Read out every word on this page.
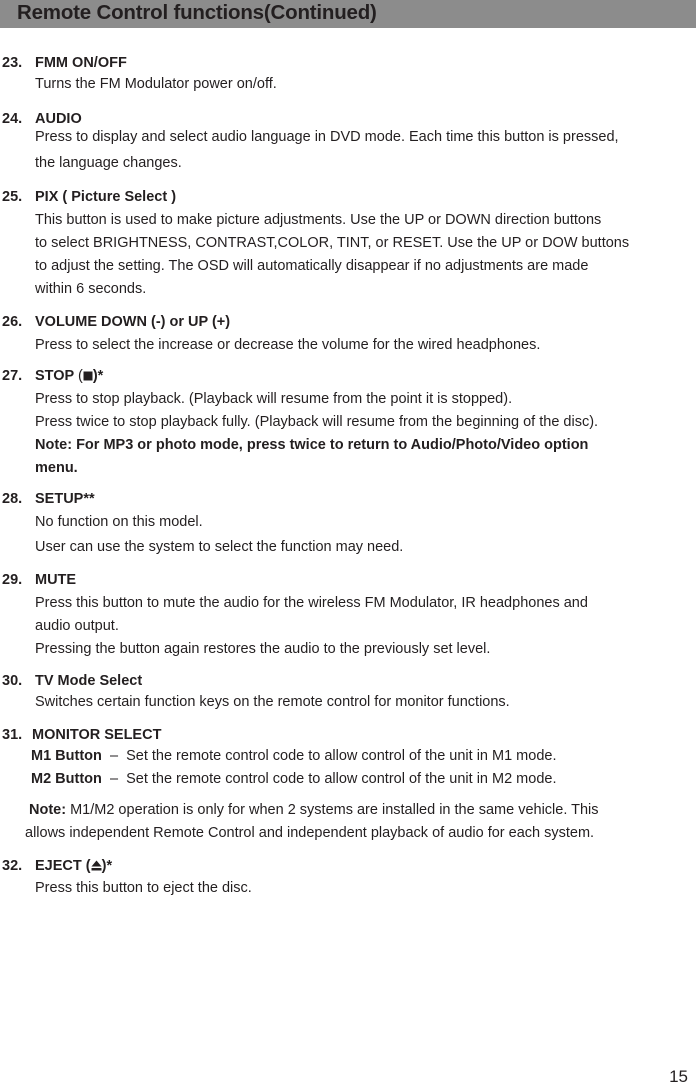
Remote Control functions(Continued)
23. FMM ON/OFF
Turns the FM Modulator power on/off.
24. AUDIO
Press to display and select audio language in DVD mode. Each time this button is pressed,
the language changes.
25. PIX ( Picture Select )
This button is used to make picture adjustments. Use the UP or DOWN direction buttons
to select BRIGHTNESS, CONTRAST,COLOR, TINT, or RESET. Use the UP or DOW buttons
to adjust the setting. The OSD will automatically disappear if no adjustments are made
within 6 seconds.
26. VOLUME DOWN (-) or UP (+)
Press to select the increase or decrease the volume for the wired headphones.
27. STOP ( )*
Press to stop playback. (Playback will resume from the point it is stopped).
Press twice to stop playback fully. (Playback will resume from the beginning of the disc).
Note: For MP3 or photo mode, press twice to return to Audio/Photo/Video option
menu.
28. SETUP**
No function on this model.
User can use the system to select the function may need.
29. MUTE
Press this button to mute the audio for the wireless FM Modulator, IR headphones and
audio output.
Pressing the button again restores the audio to the previously set level.
30. TV Mode Select
Switches certain function keys on the remote control for monitor functions.
31. MONITOR SELECT
M1 Button – Set the remote control code to allow control of the unit in M1 mode.
M2 Button – Set the remote control code to allow control of the unit in M2 mode.
Note: M1/M2 operation is only for when 2 systems are installed in the same vehicle. This
allows independent Remote Control and independent playback of audio for each system.
32. EJECT ( )*
Press this button to eject the disc.
15
